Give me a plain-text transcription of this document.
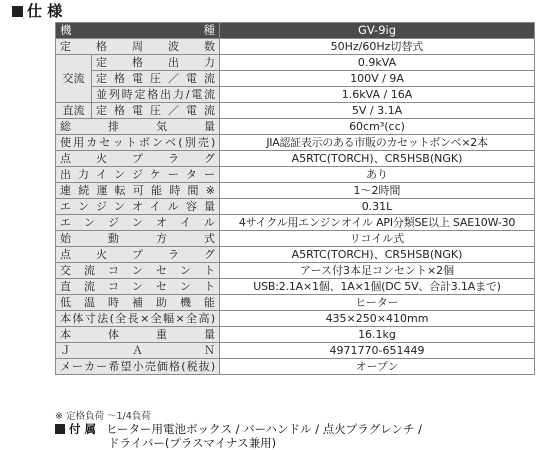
仕 様
機　　　　　種		GV-9ig
定　格　周　波　数		50Hz/60Hz切替式
交流	定　格　出　力	0.9kVA
	定格電圧／電流	100V / 9A
	並列時定格出力/電流	1.6kVA / 16A
直流	定格電圧／電流	5V / 3.1A
総　　排　　気　　量		60cm³(cc)
使用カセットボンベ(別売)		JIA認証表示のある市販のカセットボンベ×2本
点　火　プ　ラ　グ		A5RTC(TORCH)、CR5HSB(NGK)
出力インジケーター		あり
連続運転可能時間※		1～2時間
エンジンオイル容量		0.31L
エ ン ジ ン オ イ ル		4サイクル用エンジンオイル API分類SE以上 SAE10W-30
始　動　方　式		リコイル式
点　火　プ　ラ　グ		A5RTC(TORCH)、CR5HSB(NGK)
交 流 コ ン セ ン ト		アース付3本足コンセント×2個
直 流 コ ン セ ン ト		USB:2.1A×1個、1A×1個(DC 5V、合計3.1Aまで)
低 温 時 補 助 機 能		ヒーター
本体寸法(全長×全幅×全高)		435×250×410mm
本　体　重　量		16.1kg
Ｊ　　Ａ　　Ｎ		4971770-651449
メーカー希望小売価格(税抜)		オープン
※ 定格負荷 ～1/4負荷
付 属 ヒーター用電池ボックス / バーハンドル / 点火プラグレンチ /
ドライバー(プラスマイナス兼用)
